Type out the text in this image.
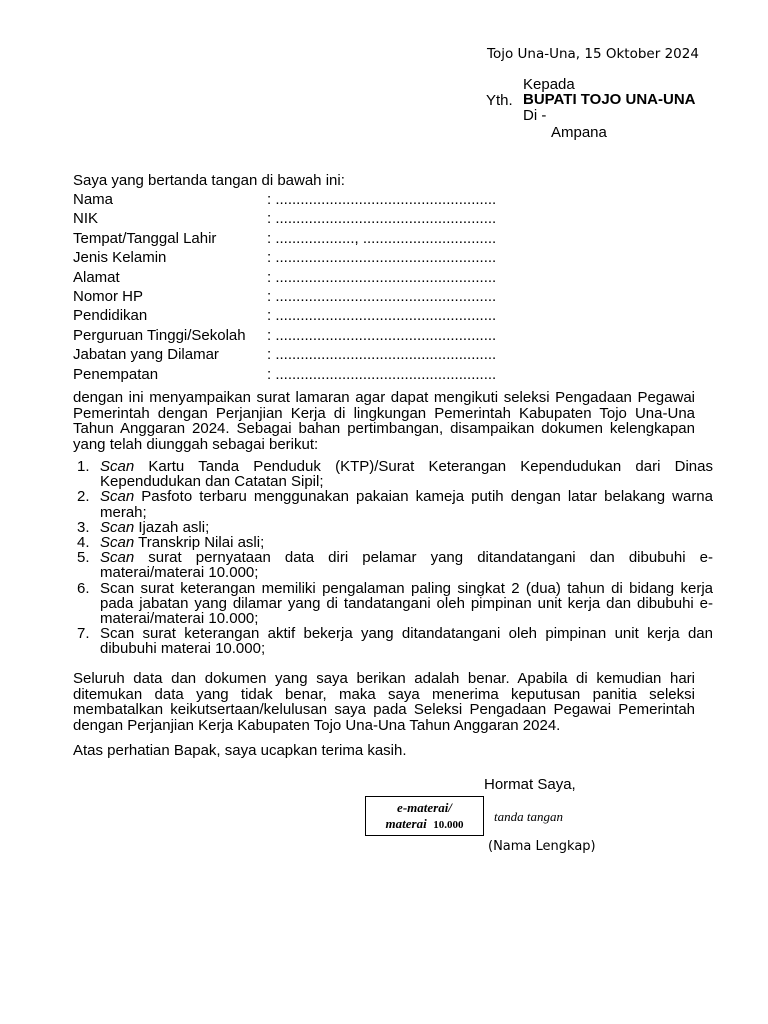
Tojo Una-Una, 15 Oktober 2024
Kepada
Yth. BUPATI TOJO UNA-UNA
Di -
Ampana
Saya yang bertanda tangan di bawah ini:
Nama	: .....................................................
NIK	: .....................................................
Tempat/Tanggal Lahir	: ..................., ................................
Jenis Kelamin	: .....................................................
Alamat	: .....................................................
Nomor HP	: .....................................................
Pendidikan	: .....................................................
Perguruan Tinggi/Sekolah : .....................................................
Jabatan yang Dilamar	: .....................................................
Penempatan	: .....................................................
dengan ini menyampaikan surat lamaran agar dapat mengikuti seleksi Pengadaan Pegawai Pemerintah dengan Perjanjian Kerja di lingkungan Pemerintah Kabupaten Tojo Una-Una Tahun Anggaran 2024. Sebagai bahan pertimbangan, disampaikan dokumen kelengkapan yang telah diunggah sebagai berikut:
1. Scan Kartu Tanda Penduduk (KTP)/Surat Keterangan Kependudukan dari Dinas Kependudukan dan Catatan Sipil;
2. Scan Pasfoto terbaru menggunakan pakaian kameja putih dengan latar belakang warna merah;
3. Scan Ijazah asli;
4. Scan Transkrip Nilai asli;
5. Scan surat pernyataan data diri pelamar yang ditandatangani dan dibubuhi e-materai/materai 10.000;
6. Scan surat keterangan memiliki pengalaman paling singkat 2 (dua) tahun di bidang kerja pada jabatan yang dilamar yang di tandatangani oleh pimpinan unit kerja dan dibubuhi e-materai/materai 10.000;
7. Scan surat keterangan aktif bekerja yang ditandatangani oleh pimpinan unit kerja dan dibubuhi materai 10.000;
Seluruh data dan dokumen yang saya berikan adalah benar. Apabila di kemudian hari ditemukan data yang tidak benar, maka saya menerima keputusan panitia seleksi membatalkan keikutsertaan/kelulusan saya pada Seleksi Pengadaan Pegawai Pemerintah dengan Perjanjian Kerja Kabupaten Tojo Una-Una Tahun Anggaran 2024.
Atas perhatian Bapak, saya ucapkan terima kasih.
Hormat Saya,
e-materai/
materai 10.000
tanda tangan
(Nama Lengkap)
